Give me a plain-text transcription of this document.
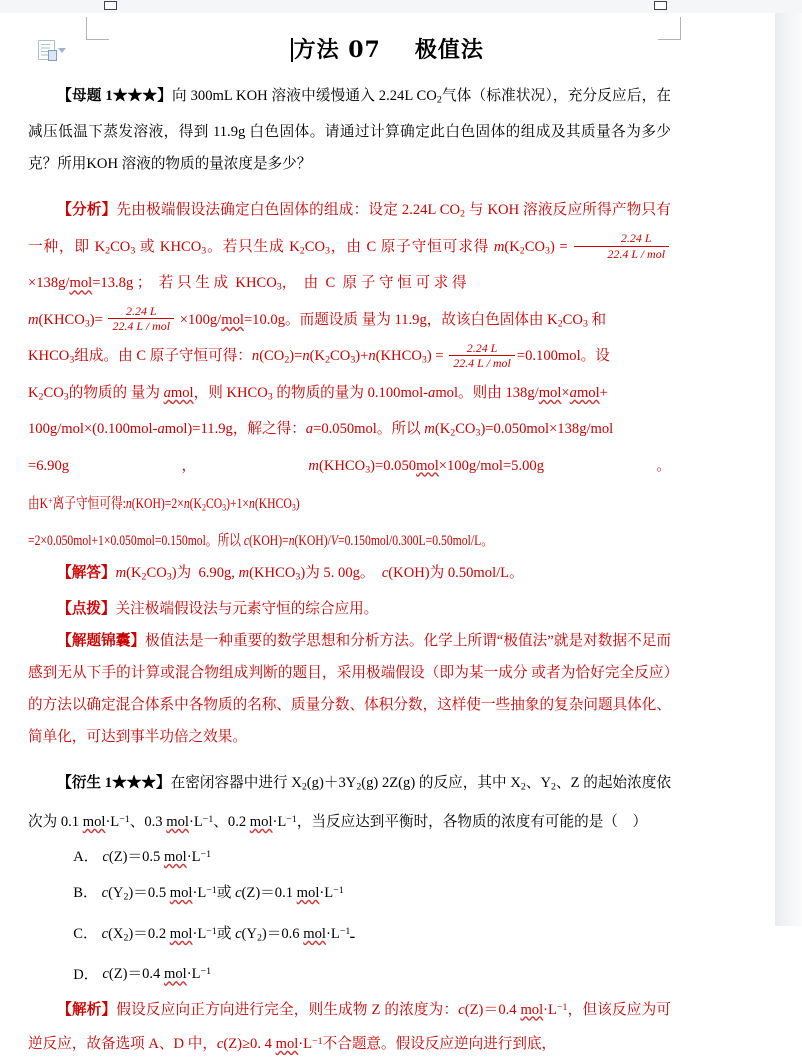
方法 07 极值法

【母题 1★★★】向 300mL KOH 溶液中缓慢通入 2.24L $CO_2$气体（标准状况），充分反应后，在减压低温下蒸发溶液，得到 11.9g 白色固体。请通过计算确定此白色固体的组成及其质量各为多少克？所用KOH 溶液的物质的量浓度是多少？

【分析】先由极端假设法确定白色固体的组成：设定 2.24L $CO_2$ 与 KOH 溶液反应所得产物只有一种，即 $K_2CO_3$ 或 $KHCO_3$。若只生成 $K_2CO_3$，由 C 原子守恒可求得 $m(K_2CO_3) = \frac{2.24 L}{\text{22.4 L / mol}}$
×138g/mol=13.8g ；  若 只 生 成  $KHCO_3$，  由  C  原 子 守 恒 可 求 得

$m(KHCO_3)= \frac{2.24 L}{\text{22.4 L / mol}} \times 100g/mol=10.0g$。而题设质 量为 11.9g，故该白色固体由 $K_2CO_3$ 和

$KHCO_3$组成。由 C 原子守恒可得：$n(CO_2)=n(K_2CO_3)+n(KHCO_3) = \frac{2.24 L}{\text{22.4 L / mol}} =0.100mol$。设

$K_2CO_3$的物质的 量为 amol，则 $KHCO_3$ 的物质的量为 0.100mol-amol。则由 138g/mol×amol+

100g/mol×(0.100mol-amol)=11.9g，解之得：a=0.050mol。所以 $m(K_2CO_3)=0.050mol\times 138g$/mol

=6.90g，$m(KHCO_3)=0.050mol\times 100g/mol=5.00g$。由K+离子守恒可得$:n(KOH)=2\times n(K_2CO_3)+1\times n(KHCO_3)$

=2×0.050mol+1×0.050mol=0.150mol。所以 c(KOH)=n(KOH)/V=0.150mol/0.300L=0.50mol/L。

【解答】$m(K_2CO_3)$为  6.90g, $m(KHCO_3)$为 5. 00g。  c(KOH)为 0.50mol/L。

【点拨】关注极端假设法与元素守恒的综合应用。

【解题锦囊】极值法是一种重要的数学思想和分析方法。化学上所谓“极值法”就是对数据不足而感到无从下手的计算或混合物组成判断的题目，采用极端假设（即为某一成分 或者为恰好完全反应）的方法以确定混合体系中各物质的名称、质量分数、体积分数，这样使一些抽象的复杂问题具体化、简单化，可达到事半功倍之效果。

【衍生 1★★★】在密闭容器中进行 $X_2(g)+3Y_2(g)$ 2Z(g) 的反应，其中 $X_2$、$Y_2$、Z 的起始浓度依次为 0.1 $mol\cdot L^{-1}$、0.3 $mol\cdot L^{-1}$、0.2 $mol\cdot L^{-1}$，当反应达到平衡时，各物质的浓度有可能的是（    ）

A． c(Z)＝0.5 $mol\cdot L^{-1}$

B． $c(Y_2)=0.5$ $mol\cdot L^{-1}$或 c(Z)＝0.1 $mol\cdot L^{-1}$

C． $c(X_2)=0.2$ $mol\cdot L^{-1}$或 $c(Y_2)=0.6$ $mol\cdot L^{-1}ـ$

D． c(Z)＝0.4 $mol\cdot L^{-1}$

【解析】假设反应向正方向进行完全，则生成物 Z 的浓度为：c(Z)＝0.4 $mol\cdot L^{-1}$，但该反应为可逆反应，故备选项 A、D 中，c(Z)≥0. 4 $mol\cdot L^{-1}$不合题意。假设反应逆向进行到底，
